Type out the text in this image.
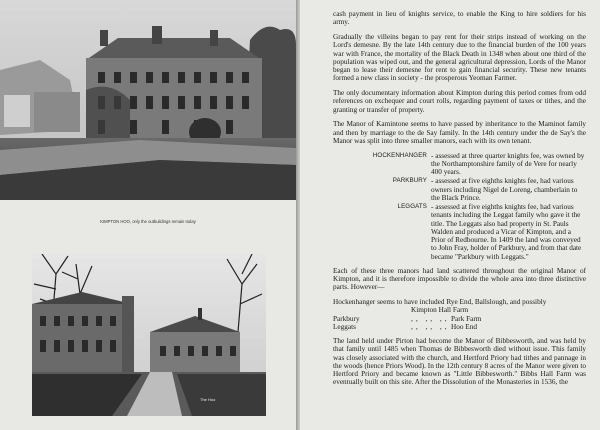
KIMPTON HOO, only the outbuildings remain today
The Hoo

cash payment in lieu of knights service, to enable the King to hire soldiers for his army.

Gradually the villeins began to pay rent for their strips instead of working on the Lord's demesne. By the late 14th century due to the financial burden of the 100 years war with France, the mortality of the Black Death in 1348 when about one third of the population was wiped out, and the general agricultural depression, Lords of the Manor began to lease their demesne for rent to gain financial security. These new tenants formed a new class in society - the prosperous Yeoman Farmer.

The only documentary information about Kimpton during this period comes from odd references on exchequer and court rolls, regarding payment of taxes or tithes, and the granting or transfer of property.

The Manor of Kamintone seems to have passed by inheritance to the Maminot family and then by marriage to the de Say family. In the 14th century under the de Say's the Manor was split into three smaller manors, each with its own tenant.

HOCKENHANGER - assessed at three quarter knights fee, was owned by the Northamptonshire family of de Vere for nearly 400 years.
PARKBURY - assessed at five eighths knights fee, had various owners including Nigel de Loreng, chamberlain to the Black Prince.
LEGGATS - assessed at five eighths knights fee, had various tenants including the Leggat family who gave it the title. The Leggats also had property in St. Pauls Walden and produced a Vicar of Kimpton, and a Prior of Redbourne. In 1409 the land was conveyed to John Fray, holder of Parkbury, and from that date became "Parkbury with Leggats."

Each of these three manors had land scattered throughout the original Manor of Kimpton, and it is therefore impossible to divide the whole area into three distinctive parts. However—

Hockenhanger seems to have included Rye End, Ballslough, and possibly

Kimpton Hall Farm
Parkbury	,, ,, ,, Park Farm
Leggats	,, ,, ,, Hoo End

The land held under Pirton had become the Manor of Bibbesworth, and was held by that family until 1485 when Thomas de Bibbesworth died without issue. This family was closely associated with the church, and Hertford Priory had tithes and pannage in the woods (hence Priors Wood). In the 12th century 8 acres of the Manor were given to Hertford Priory and became known as "Little Bibbesworth." Bibbs Hall Farm was eventually built on this site. After the Dissolution of the Monasteries in 1536, the
